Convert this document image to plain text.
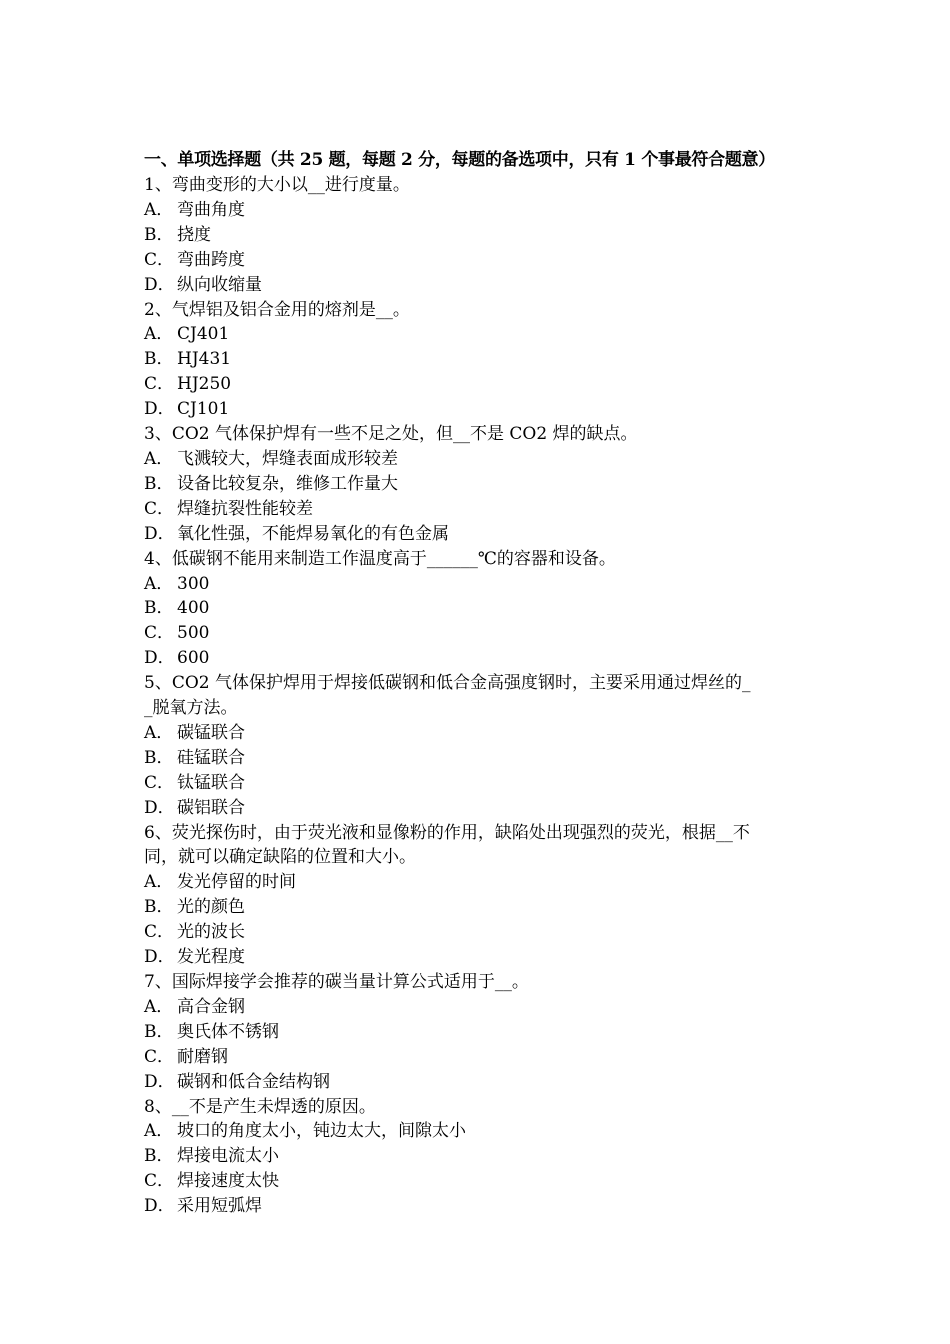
一、单项选择题（共 25 题，每题 2 分，每题的备选项中，只有 1 个事最符合题意）
1、弯曲变形的大小以__进行度量。
A． 弯曲角度
B． 挠度
C． 弯曲跨度
D． 纵向收缩量
2、气焊铝及铝合金用的熔剂是__。
A． CJ401
B． HJ431
C． HJ250
D． CJ101
3、CO2 气体保护焊有一些不足之处，但__不是 CO2 焊的缺点。
A． 飞溅较大，焊缝表面成形较差
B． 设备比较复杂，维修工作量大
C． 焊缝抗裂性能较差
D． 氧化性强，不能焊易氧化的有色金属
4、低碳钢不能用来制造工作温度高于______℃的容器和设备。
A． 300
B． 400
C． 500
D． 600
5、CO2 气体保护焊用于焊接低碳钢和低合金高强度钢时，主要采用通过焊丝的_
_脱氧方法。
A． 碳锰联合
B． 硅锰联合
C． 钛锰联合
D． 碳铝联合
6、荧光探伤时，由于荧光液和显像粉的作用，缺陷处出现强烈的荧光，根据__不
同，就可以确定缺陷的位置和大小。
A． 发光停留的时间
B． 光的颜色
C． 光的波长
D． 发光程度
7、国际焊接学会推荐的碳当量计算公式适用于__。
A． 高合金钢
B． 奥氏体不锈钢
C． 耐磨钢
D． 碳钢和低合金结构钢
8、__不是产生未焊透的原因。
A． 坡口的角度太小，钝边太大，间隙太小
B． 焊接电流太小
C． 焊接速度太快
D． 采用短弧焊
